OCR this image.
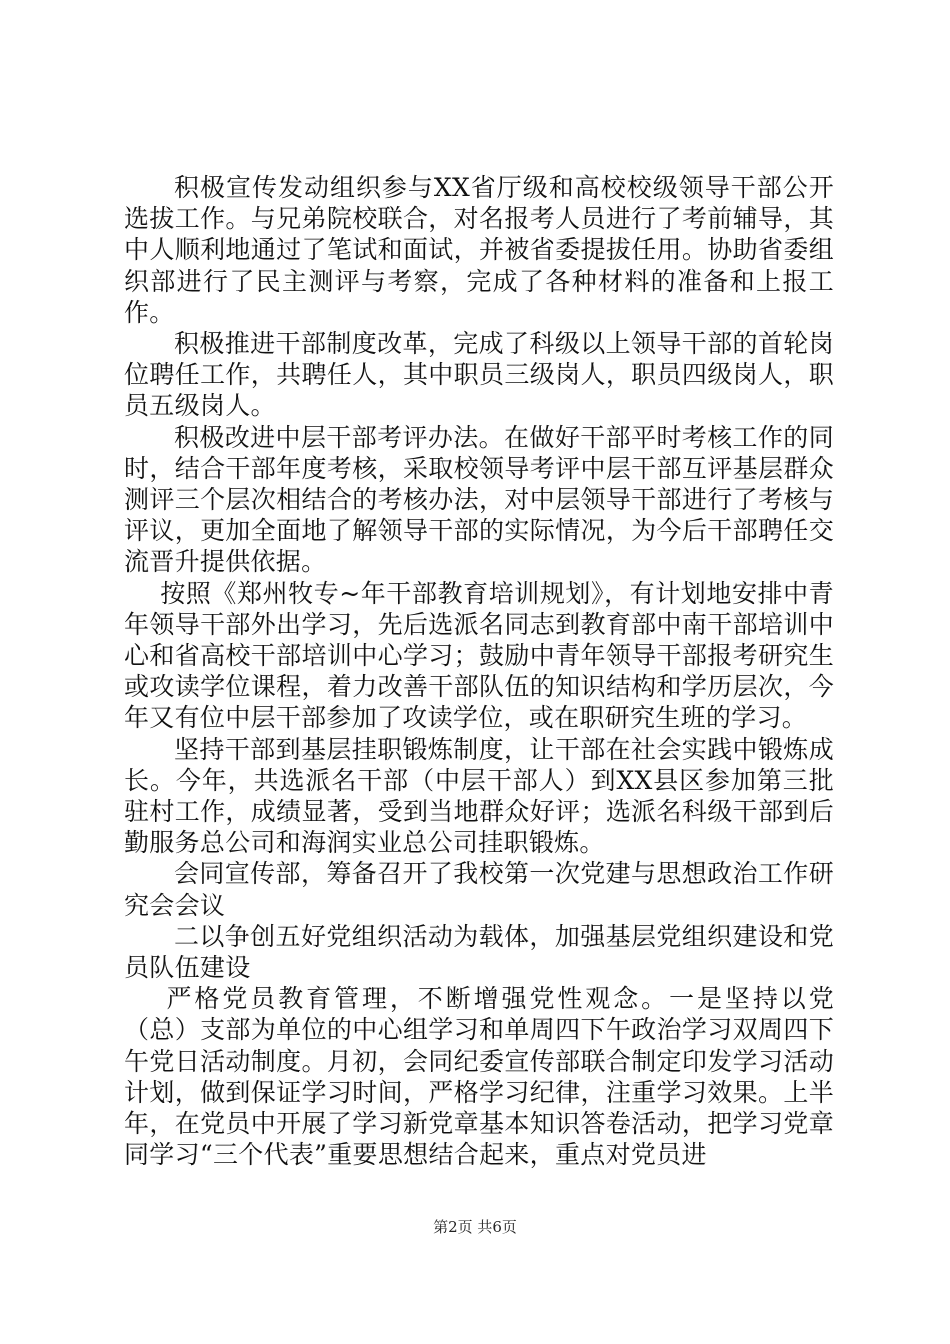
积极宣传发动组织参与XX省厅级和高校校级领导干部公开选拔工作。与兄弟院校联合，对名报考人员进行了考前辅导，其中人顺利地通过了笔试和面试，并被省委提拔任用。协助省委组织部进行了民主测评与考察，完成了各种材料的准备和上报工作。

积极推进干部制度改革，完成了科级以上领导干部的首轮岗位聘任工作，共聘任人，其中职员三级岗人，职员四级岗人，职员五级岗人。

积极改进中层干部考评办法。在做好干部平时考核工作的同时，结合干部年度考核，采取校领导考评中层干部互评基层群众测评三个层次相结合的考核办法，对中层领导干部进行了考核与评议，更加全面地了解领导干部的实际情况，为今后干部聘任交流晋升提供依据。

按照《郑州牧专~年干部教育培训规划》，有计划地安排中青年领导干部外出学习，先后选派名同志到教育部中南干部培训中心和省高校干部培训中心学习；鼓励中青年领导干部报考研究生或攻读学位课程，着力改善干部队伍的知识结构和学历层次，今年又有位中层干部参加了攻读学位，或在职研究生班的学习。

坚持干部到基层挂职锻炼制度，让干部在社会实践中锻炼成长。今年，共选派名干部（中层干部人）到XX县区参加第三批驻村工作，成绩显著，受到当地群众好评；选派名科级干部到后勤服务总公司和海润实业总公司挂职锻炼。

会同宣传部，筹备召开了我校第一次党建与思想政治工作研究会会议

二以争创五好党组织活动为载体，加强基层党组织建设和党员队伍建设

严格党员教育管理，不断增强党性观念。一是坚持以党（总）支部为单位的中心组学习和单周四下午政治学习双周四下午党日活动制度。月初，会同纪委宣传部联合制定印发学习活动计划，做到保证学习时间，严格学习纪律，注重学习效果。上半年，在党员中开展了学习新党章基本知识答卷活动，把学习党章同学习“三个代表”重要思想结合起来，重点对党员进

第2页 共6页
